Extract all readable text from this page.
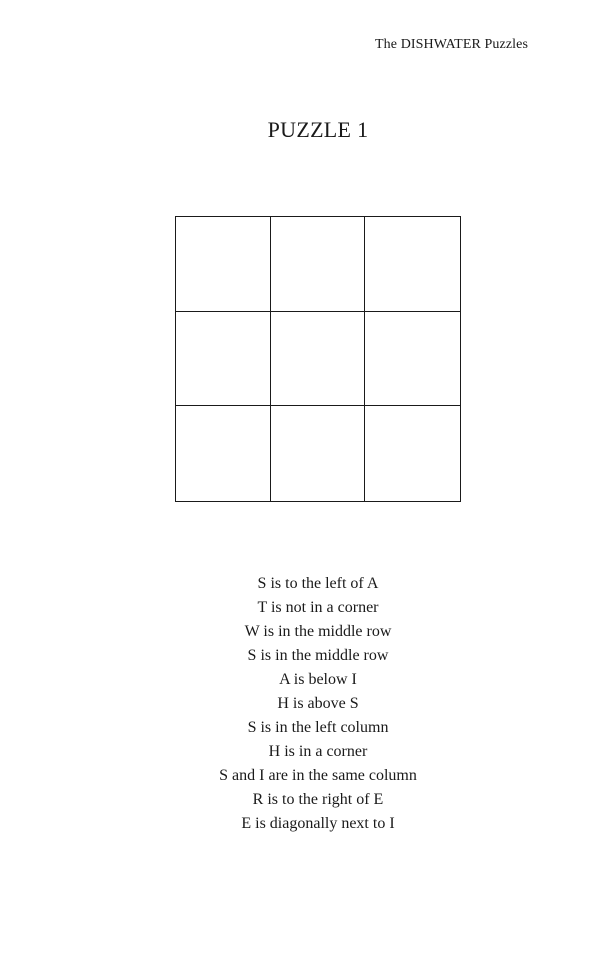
The DISHWATER Puzzles
PUZZLE 1
S is to the left of A
T is not in a corner
W is in the middle row
S is in the middle row
A is below I
H is above S
S is in the left column
H is in a corner
S and I are in the same column
R is to the right of E
E is diagonally next to I
